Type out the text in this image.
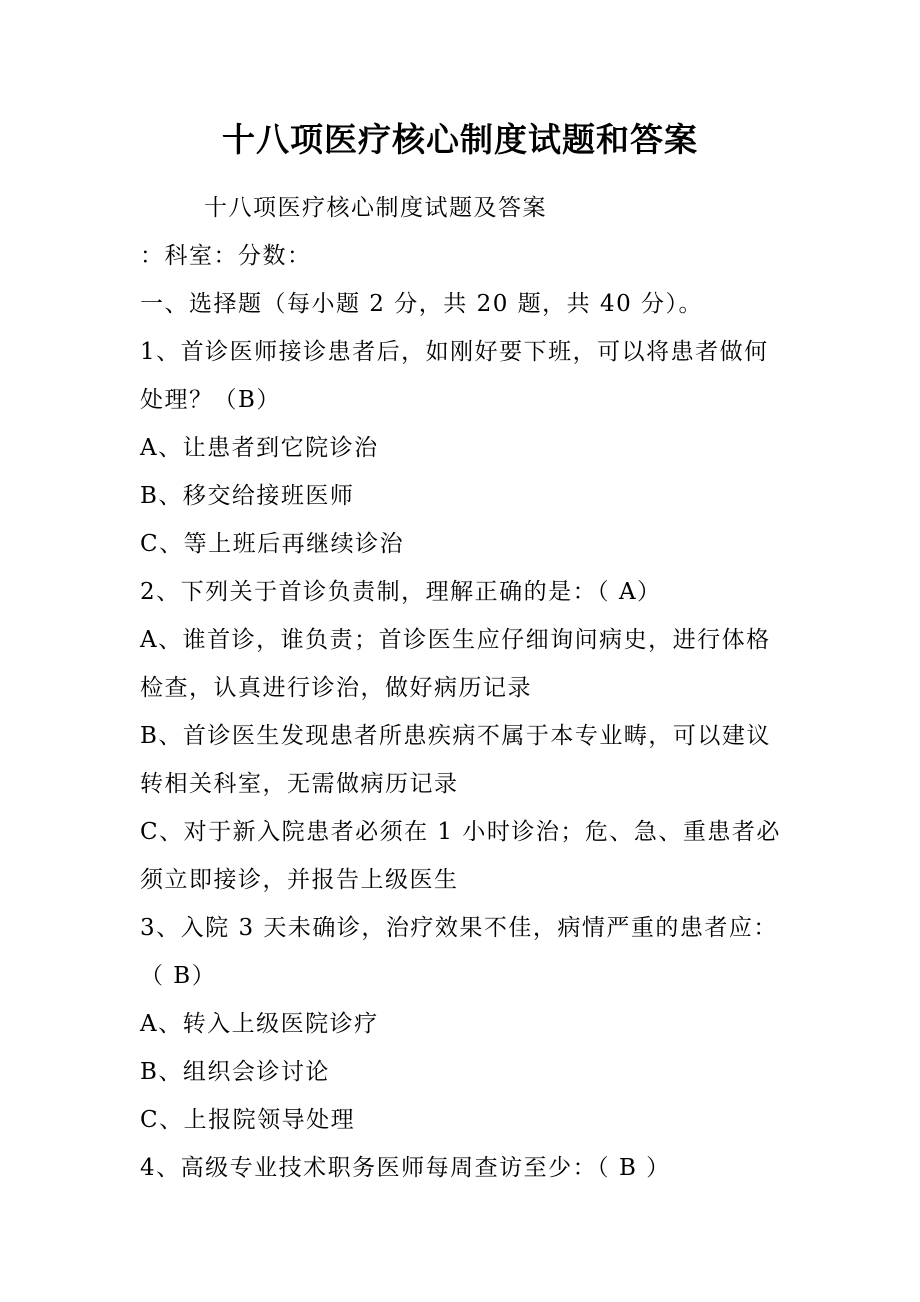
十八项医疗核心制度试题和答案

十八项医疗核心制度试题及答案

：科室：分数：

一、选择题（每小题 2 分，共 20 题，共 40 分）。

1、首诊医师接诊患者后，如刚好要下班，可以将患者做何处理？（B）

A、让患者到它院诊治

B、移交给接班医师

C、等上班后再继续诊治

2、下列关于首诊负责制，理解正确的是：（ A）

A、谁首诊，谁负责；首诊医生应仔细询问病史，进行体格检查，认真进行诊治，做好病历记录

B、首诊医生发现患者所患疾病不属于本专业畴，可以建议转相关科室，无需做病历记录

C、对于新入院患者必须在 1 小时诊治；危、急、重患者必须立即接诊，并报告上级医生

3、入院 3 天未确诊，治疗效果不佳，病情严重的患者应：（ B）

A、转入上级医院诊疗

B、组织会诊讨论

C、上报院领导处理

4、高级专业技术职务医师每周查访至少：（ B ）
